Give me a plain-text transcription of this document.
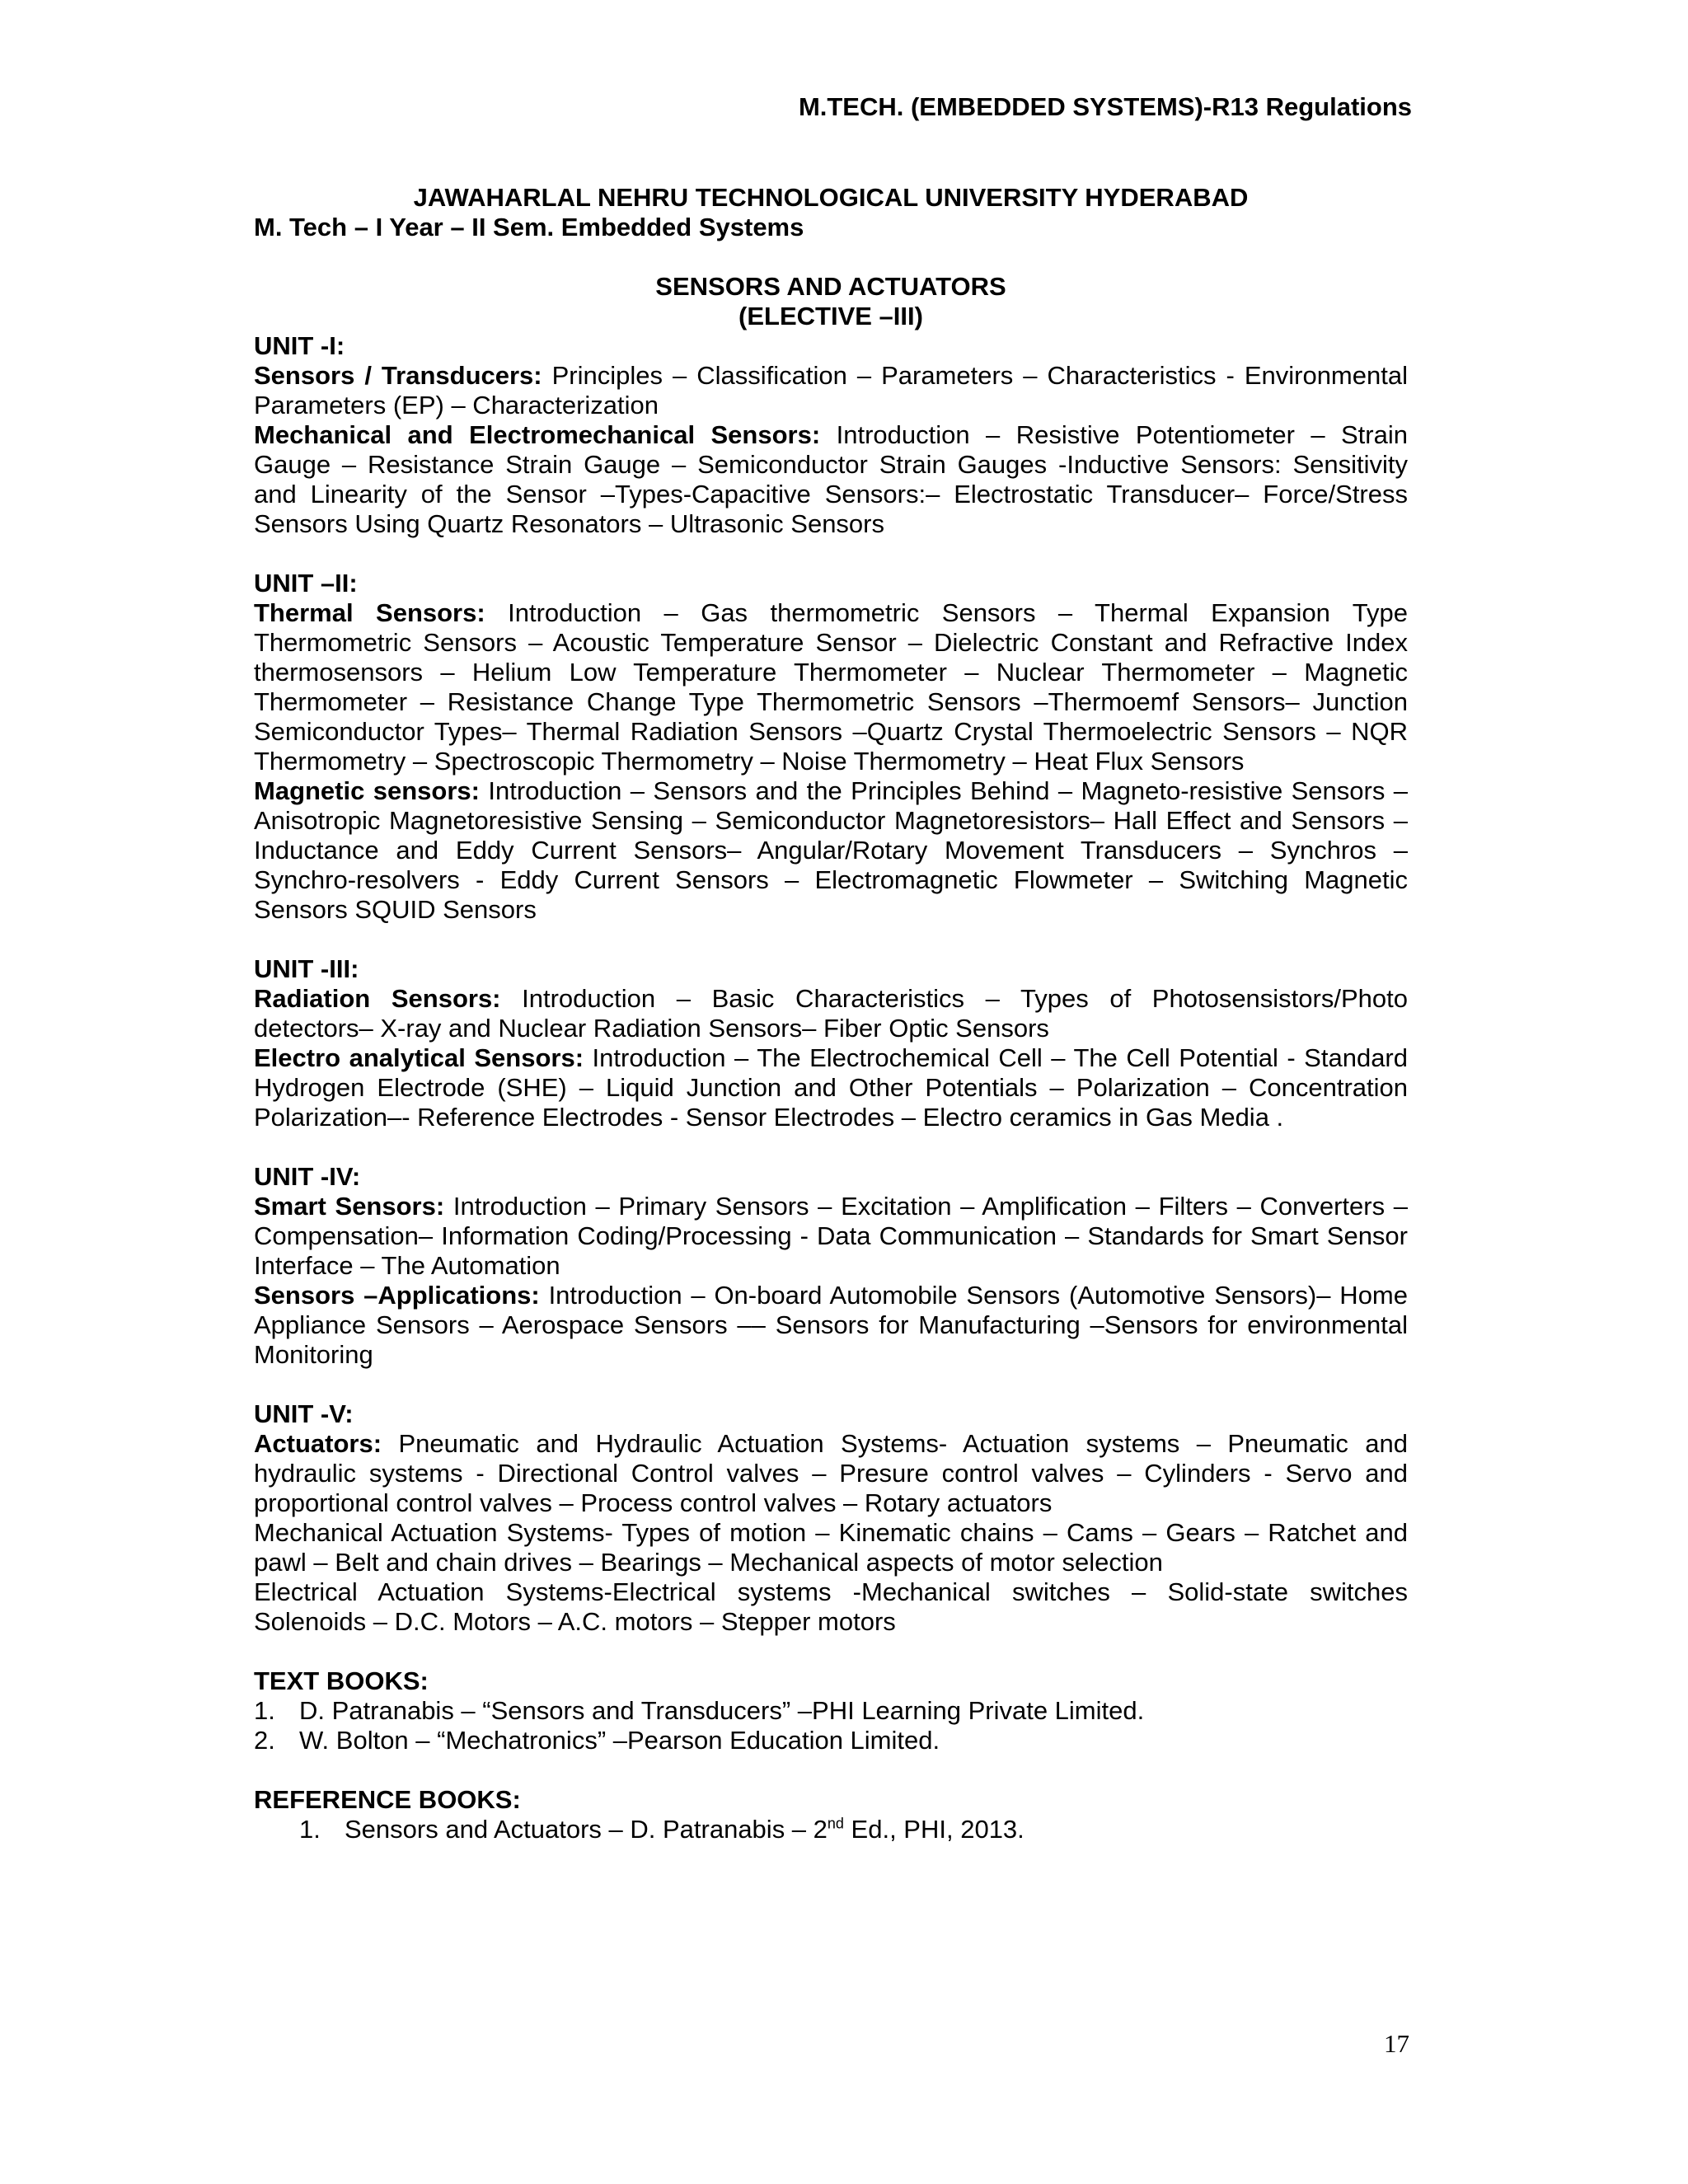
M.TECH. (EMBEDDED SYSTEMS)-R13 Regulations
JAWAHARLAL NEHRU TECHNOLOGICAL UNIVERSITY HYDERABAD
M. Tech – I Year – II Sem. Embedded Systems
SENSORS AND ACTUATORS
(ELECTIVE –III)

UNIT -I:

Sensors / Transducers: Principles – Classification – Parameters – Characteristics - Environmental Parameters (EP) – Characterization

Mechanical and Electromechanical Sensors: Introduction – Resistive Potentiometer – Strain Gauge – Resistance Strain Gauge – Semiconductor Strain Gauges -Inductive Sensors: Sensitivity and Linearity of the Sensor –Types-Capacitive Sensors:– Electrostatic Transducer– Force/Stress Sensors Using Quartz Resonators – Ultrasonic Sensors

UNIT –II:

Thermal Sensors: Introduction – Gas thermometric Sensors – Thermal Expansion Type Thermometric Sensors – Acoustic Temperature Sensor – Dielectric Constant and Refractive Index thermosensors – Helium Low Temperature Thermometer – Nuclear Thermometer – Magnetic Thermometer – Resistance Change Type Thermometric Sensors –Thermoemf Sensors– Junction Semiconductor Types– Thermal Radiation Sensors –Quartz Crystal Thermoelectric Sensors – NQR Thermometry – Spectroscopic Thermometry – Noise Thermometry – Heat Flux Sensors

Magnetic sensors: Introduction – Sensors and the Principles Behind – Magneto-resistive Sensors – Anisotropic Magnetoresistive Sensing – Semiconductor Magnetoresistors– Hall Effect and Sensors – Inductance and Eddy Current Sensors– Angular/Rotary Movement Transducers – Synchros – Synchro-resolvers - Eddy Current Sensors – Electromagnetic Flowmeter – Switching Magnetic Sensors SQUID Sensors

UNIT -III:

Radiation Sensors: Introduction – Basic Characteristics – Types of Photosensistors/Photo detectors– X-ray and Nuclear Radiation Sensors– Fiber Optic Sensors

Electro analytical Sensors: Introduction – The Electrochemical Cell – The Cell Potential - Standard Hydrogen Electrode (SHE) – Liquid Junction and Other Potentials – Polarization – Concentration Polarization–- Reference Electrodes - Sensor Electrodes – Electro ceramics in Gas Media .

UNIT -IV:

Smart Sensors: Introduction – Primary Sensors – Excitation – Amplification – Filters – Converters – Compensation– Information Coding/Processing - Data Communication – Standards for Smart Sensor Interface – The Automation

Sensors –Applications: Introduction – On-board Automobile Sensors (Automotive Sensors)– Home Appliance Sensors – Aerospace Sensors –– Sensors for Manufacturing –Sensors for environmental Monitoring

UNIT -V:

Actuators: Pneumatic and Hydraulic Actuation Systems- Actuation systems – Pneumatic and hydraulic systems - Directional Control valves – Presure control valves – Cylinders - Servo and proportional control valves – Process control valves – Rotary actuators

Mechanical Actuation Systems- Types of motion – Kinematic chains – Cams – Gears – Ratchet and pawl – Belt and chain drives – Bearings – Mechanical aspects of motor selection

Electrical Actuation Systems-Electrical systems -Mechanical switches – Solid-state switches Solenoids – D.C. Motors – A.C. motors – Stepper motors

TEXT BOOKS:

1. D. Patranabis – “Sensors and Transducers” –PHI Learning Private Limited.
2. W. Bolton – “Mechatronics” –Pearson Education Limited.

REFERENCE BOOKS:

1. Sensors and Actuators – D. Patranabis – 2nd Ed., PHI, 2013.
17
